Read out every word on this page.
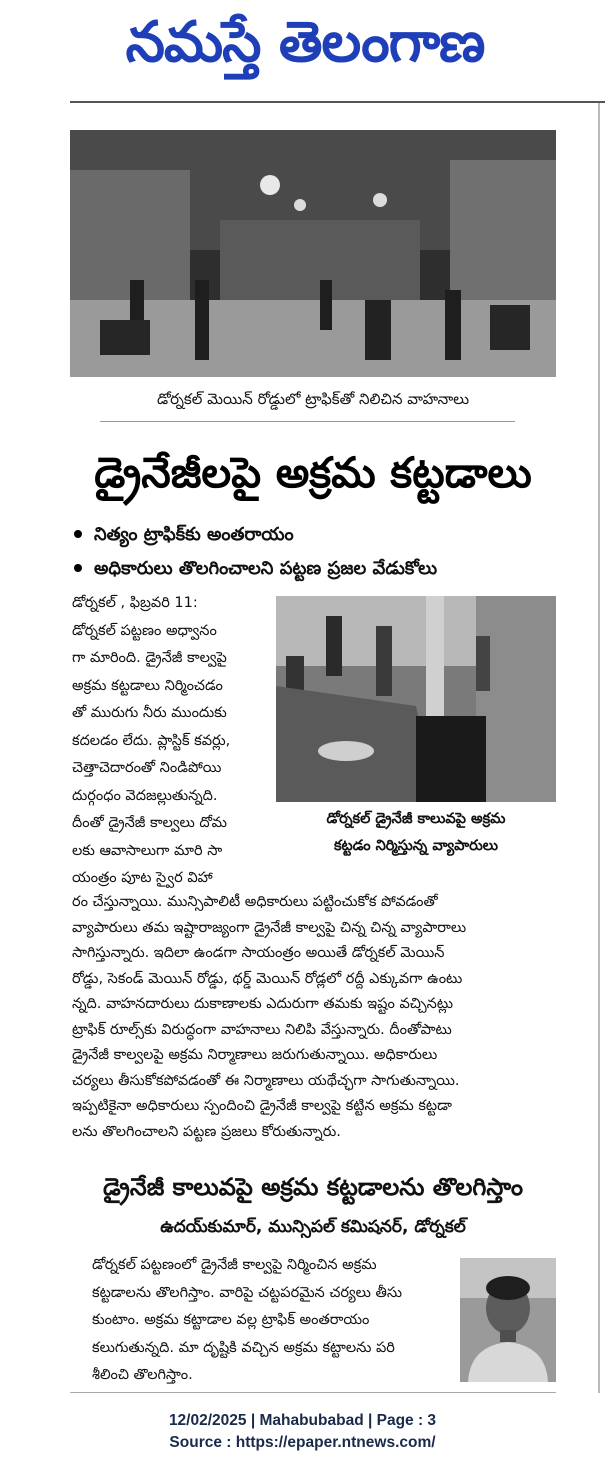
నమస్తే తెలంగాణ
డోర్నకల్ మెయిన్ రోడ్డులో ట్రాఫిక్‌తో నిలిచిన వాహనాలు
డ్రైనేజీలపై అక్రమ కట్టడాలు
నిత్యం ట్రాఫిక్‌కు అంతరాయం
అధికారులు తొలగించాలని పట్టణ ప్రజల వేడుకోలు
డోర్నకల్ , ఫిబ్రవరి 11:
డోర్నకల్ పట్టణం అధ్వానం
గా మారింది. డ్రైనేజీ కాల్వపై
అక్రమ కట్టడాలు నిర్మించడం
తో మురుగు నీరు ముందుకు
కదలడం లేదు. ప్లాస్టిక్ కవర్లు,
చెత్తాచెదారంతో నిండిపోయి
దుర్గంధం వెదజల్లుతున్నది.
దీంతో డ్రైనేజీ కాల్వలు దోమ
లకు ఆవాసాలుగా మారి సా
యంత్రం పూట స్వైర విహా
డోర్నకల్ డ్రైనేజీ కాలువపై అక్రమ
కట్టడం నిర్మిస్తున్న వ్యాపారులు
రం చేస్తున్నాయి. మున్సిపాలిటీ అధికారులు పట్టించుకోక పోవడంతో
వ్యాపారులు తమ ఇష్టారాజ్యంగా డ్రైనేజీ కాల్వపై చిన్న చిన్న వ్యాపారాలు
సాగిస్తున్నారు. ఇదిలా ఉండగా సాయంత్రం అయితే డోర్నకల్ మెయిన్
రోడ్డు, సెకండ్ మెయిన్ రోడ్డు, థర్డ్ మెయిన్ రోడ్లలో రద్దీ ఎక్కువగా ఉంటు
న్నది. వాహనదారులు దుకాణాలకు ఎదురుగా తమకు ఇష్టం వచ్చినట్లు
ట్రాఫిక్ రూల్స్‌కు విరుద్ధంగా వాహనాలు నిలిపి వేస్తున్నారు. దీంతోపాటు
డ్రైనేజీ కాల్వలపై అక్రమ నిర్మాణాలు జరుగుతున్నాయి. అధికారులు
చర్యలు తీసుకోకపోవడంతో ఈ నిర్మాణాలు యథేచ్ఛగా సాగుతున్నాయి.
ఇప్పటికైనా అధికారులు స్పందించి డ్రైనేజీ కాల్వపై కట్టిన అక్రమ కట్టడా
లను తొలగించాలని పట్టణ ప్రజలు కోరుతున్నారు.
డ్రైనేజీ కాలువపై అక్రమ కట్టడాలను తొలగిస్తాం
ఉదయ్‌కుమార్, మున్సిపల్ కమిషనర్, డోర్నకల్
డోర్నకల్ పట్టణంలో డ్రైనేజీ కాల్వపై నిర్మించిన అక్రమ
కట్టడాలను తొలగిస్తాం. వారిపై చట్టపరమైన చర్యలు తీసు
కుంటాం. అక్రమ కట్టాడాల వల్ల ట్రాఫిక్ అంతరాయం
కలుగుతున్నది. మా దృష్టికి వచ్చిన అక్రమ కట్టాలను పరి
శీలించి తొలగిస్తాం.
12/02/2025 | Mahabubabad | Page : 3
Source : https://epaper.ntnews.com/
